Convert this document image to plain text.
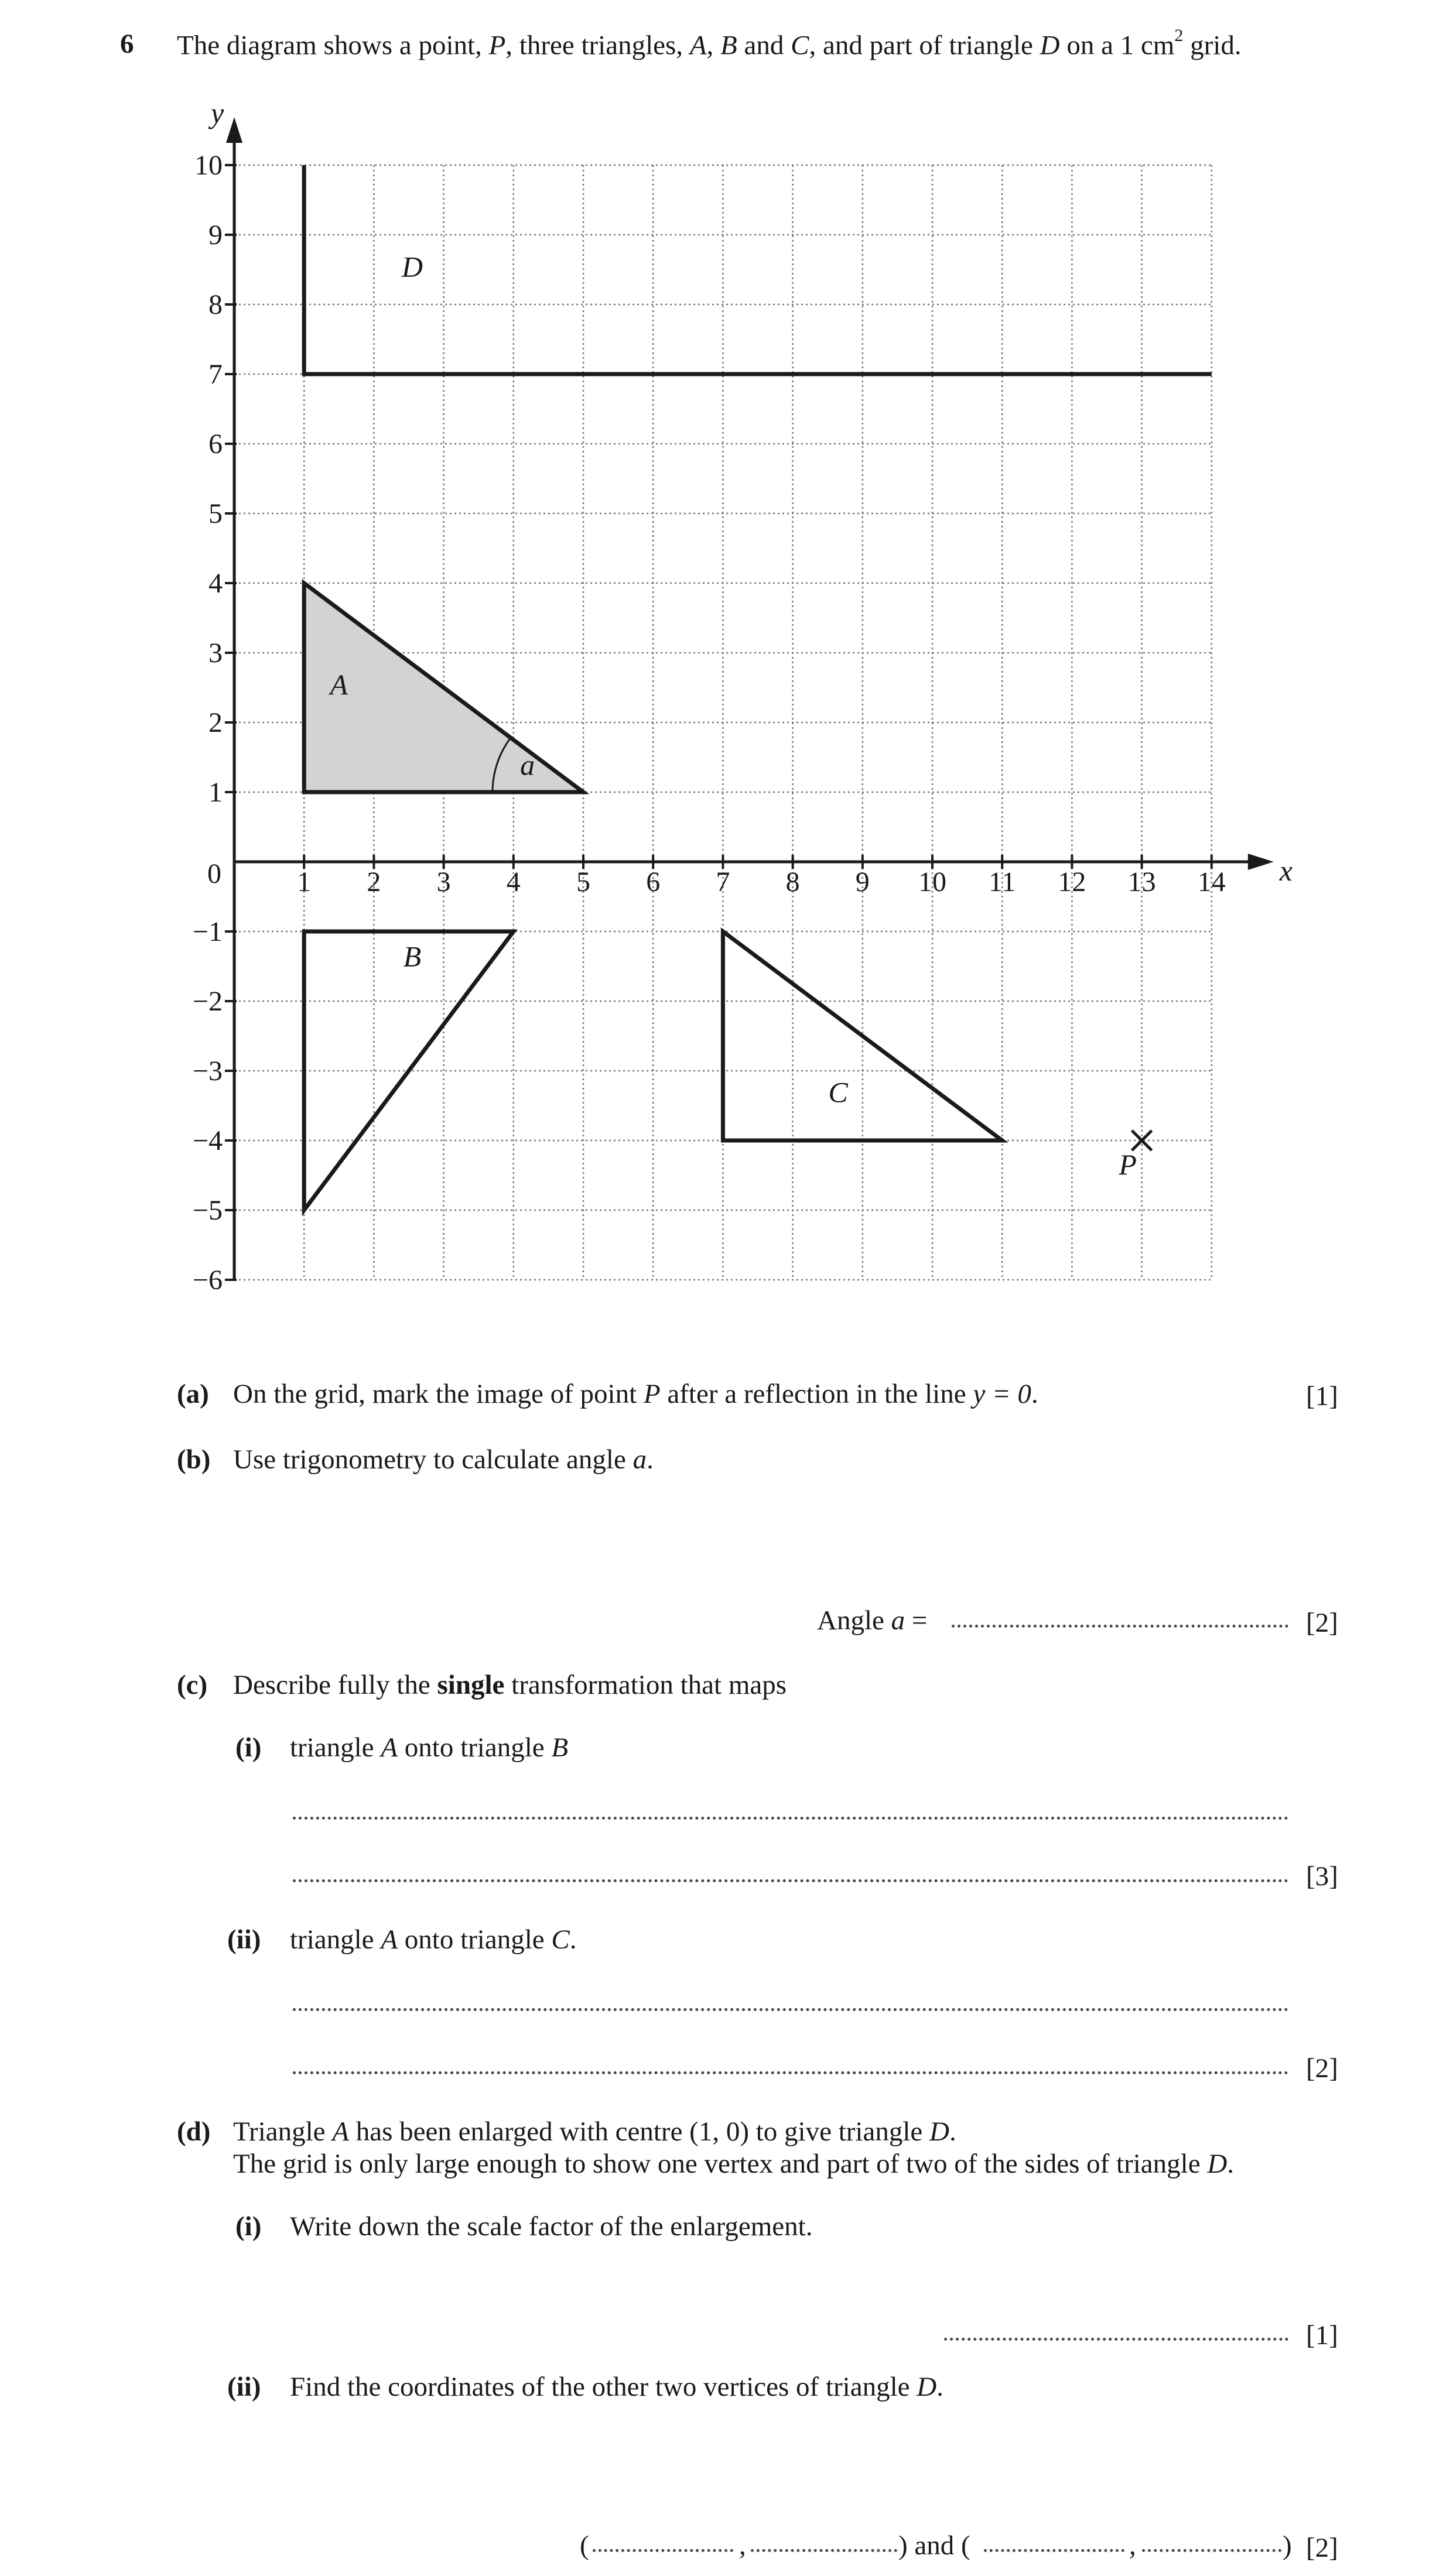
6 The diagram shows a point, P, three triangles, A, B and C, and part of triangle D on a 1 $cm^2$ grid.
1 2 3 4 5 6 7 8 9 10 11 12 13 14
10
9
8
7
6
5
4
3
2
1
−1
−2
−3
−4
−5
−6
0	x
y
A
B
C
D
a
P
(a) On the grid, mark the image of point P after a reflection in the line y = 0.	[1]
(b) Use trigonometry to calculate angle a.
Angle a =	[2]
(c) Describe fully the single transformation that maps
(i) triangle A onto triangle B
[3]
(ii) triangle A onto triangle C.
[2]
(d) Triangle A has been enlarged with centre (1, 0) to give triangle D.
The grid is only large enough to show one vertex and part of two of the sides of triangle D.
(i) Write down the scale factor of the enlargement.
[1]
(ii) Find the coordinates of the other two vertices of triangle D.
(	,	) and (	,	) [2]
